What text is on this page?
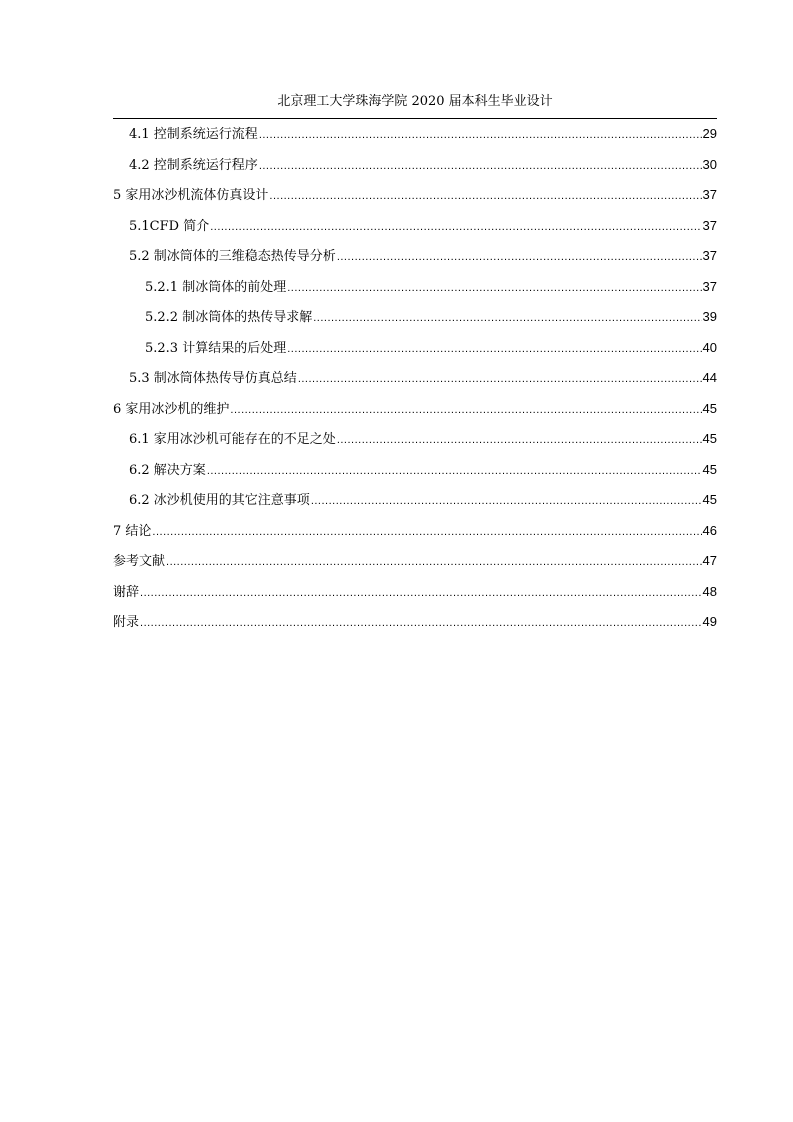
北京理工大学珠海学院 2020 届本科生毕业设计
4.1 控制系统运行流程 .....	29
4.2 控制系统运行程序 .....	30
5 家用冰沙机流体仿真设计 .....	37
5.1CFD 简介 .....	37
5.2 制冰筒体的三维稳态热传导分析 .....	37
5.2.1 制冰筒体的前处理 .....	37
5.2.2 制冰筒体的热传导求解 .....	39
5.2.3 计算结果的后处理 .....	40
5.3 制冰筒体热传导仿真总结 .....	44
6 家用冰沙机的维护 .....	45
6.1 家用冰沙机可能存在的不足之处 .....	45
6.2 解决方案 .....	45
6.2 冰沙机使用的其它注意事项 .....	45
7 结论 .....	46
参考文献 .....	47
谢辞 .....	48
附录 .....	49
